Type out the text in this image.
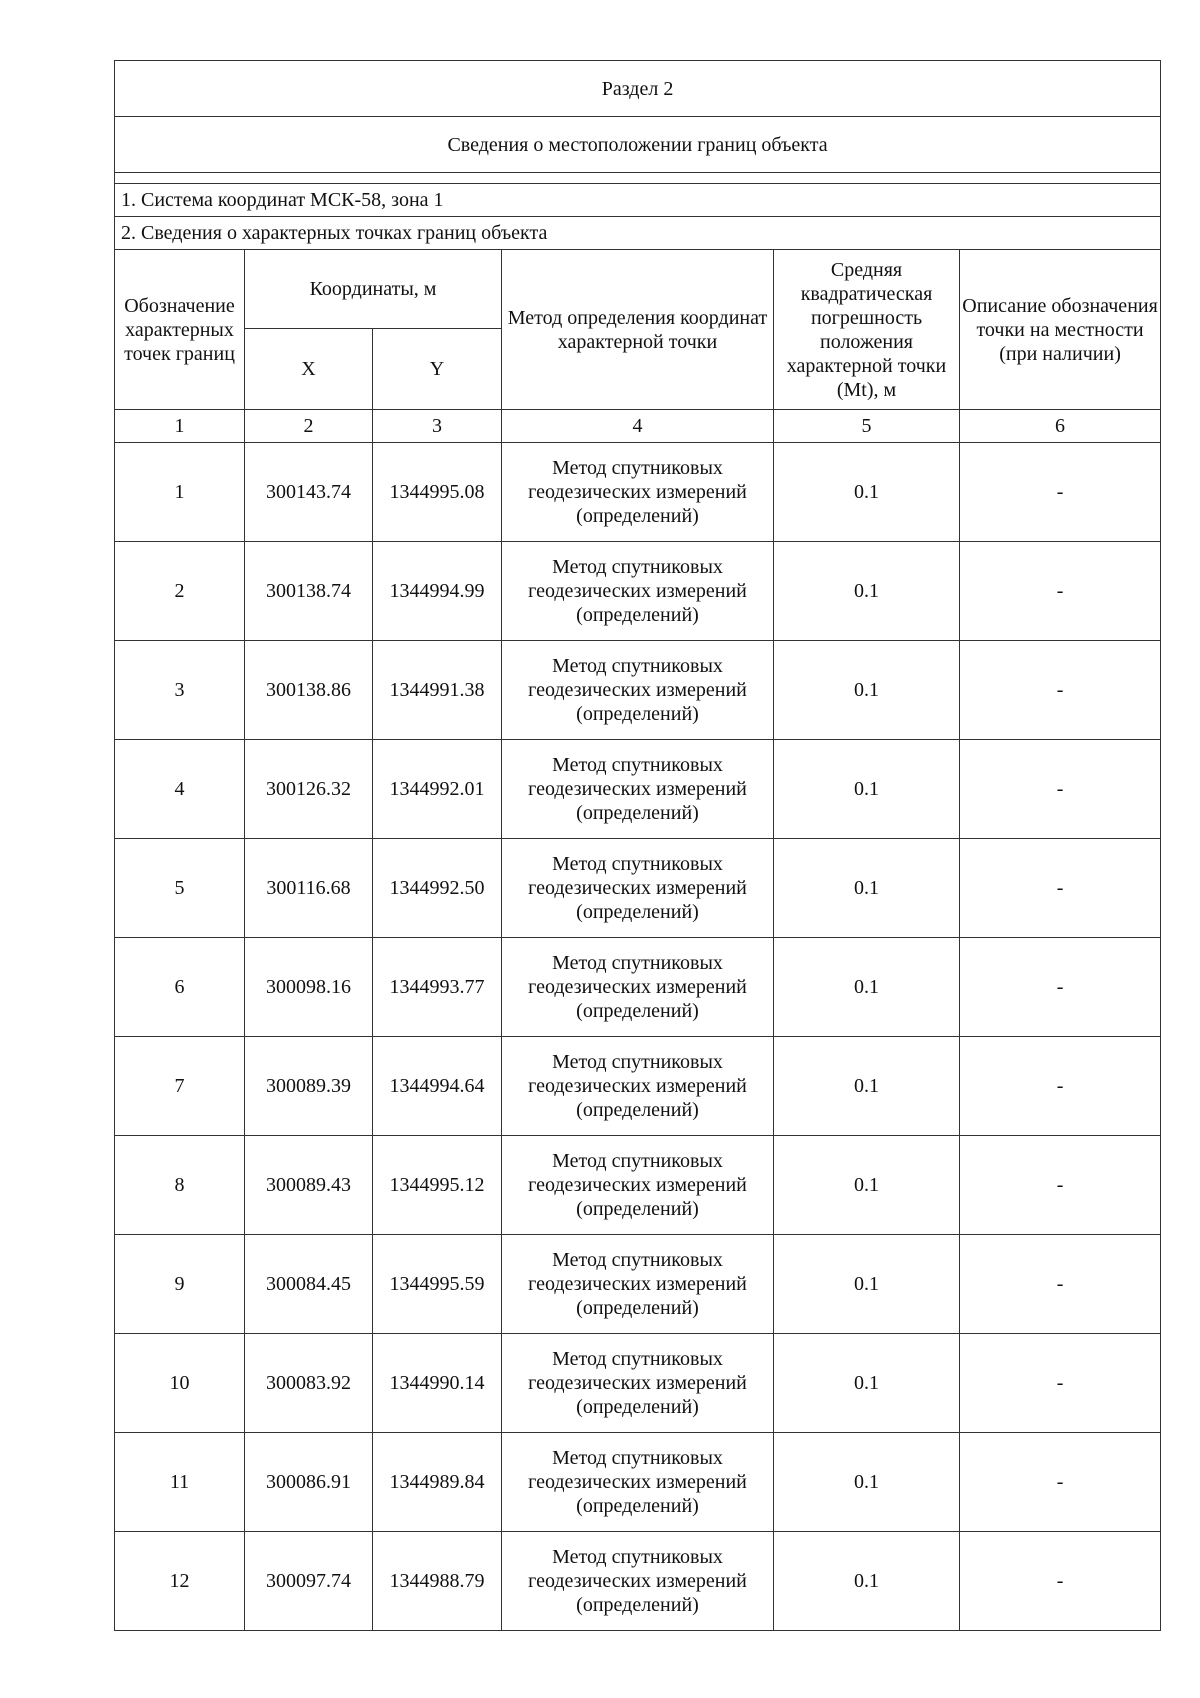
Раздел 2					
Сведения о местоположении границ объекта					

1. Система координат МСК-58, зона 1					
2. Сведения о характерных точках границ объекта					
Обозначение характерных точек границ	Координаты, м		Метод определения координат характерной точки	Средняя квадратическая погрешность положения характерной точки (Mt), м	Описание обозначения точки на местности (при наличии)
	X	Y			
1	2	3	4	5	6
1	300143.74	1344995.08	Метод спутниковых геодезических измерений (определений)	0.1	-
2	300138.74	1344994.99	Метод спутниковых геодезических измерений (определений)	0.1	-
3	300138.86	1344991.38	Метод спутниковых геодезических измерений (определений)	0.1	-
4	300126.32	1344992.01	Метод спутниковых геодезических измерений (определений)	0.1	-
5	300116.68	1344992.50	Метод спутниковых геодезических измерений (определений)	0.1	-
6	300098.16	1344993.77	Метод спутниковых геодезических измерений (определений)	0.1	-
7	300089.39	1344994.64	Метод спутниковых геодезических измерений (определений)	0.1	-
8	300089.43	1344995.12	Метод спутниковых геодезических измерений (определений)	0.1	-
9	300084.45	1344995.59	Метод спутниковых геодезических измерений (определений)	0.1	-
10	300083.92	1344990.14	Метод спутниковых геодезических измерений (определений)	0.1	-
11	300086.91	1344989.84	Метод спутниковых геодезических измерений (определений)	0.1	-
12	300097.74	1344988.79	Метод спутниковых геодезических измерений (определений)	0.1	-
